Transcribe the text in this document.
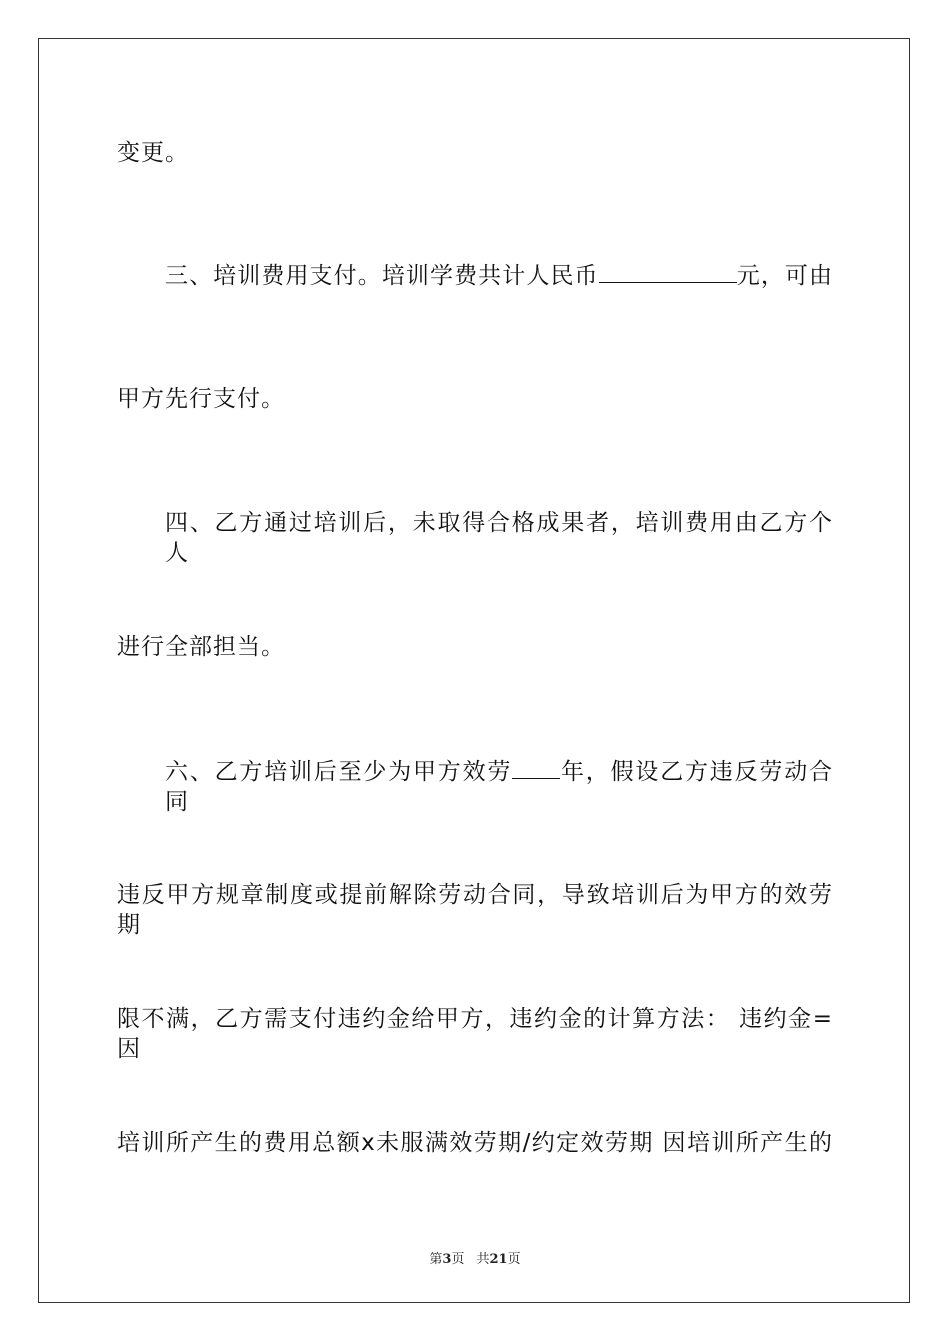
变更。
三、培训费用支付。培训学费共计人民币	元，可由
甲方先行支付。
四、乙方通过培训后，未取得合格成果者，培训费用由乙方个人
进行全部担当。
六、乙方培训后至少为甲方效劳 年，假设乙方违反劳动合同
违反甲方规章制度或提前解除劳动合同，导致培训后为甲方的效劳期
限不满，乙方需支付违约金给甲方，违约金的计算方法： 违约金=因
培训所产生的费用总额x未服满效劳期/约定效劳期 因培训所产生的
第3页 共21页
